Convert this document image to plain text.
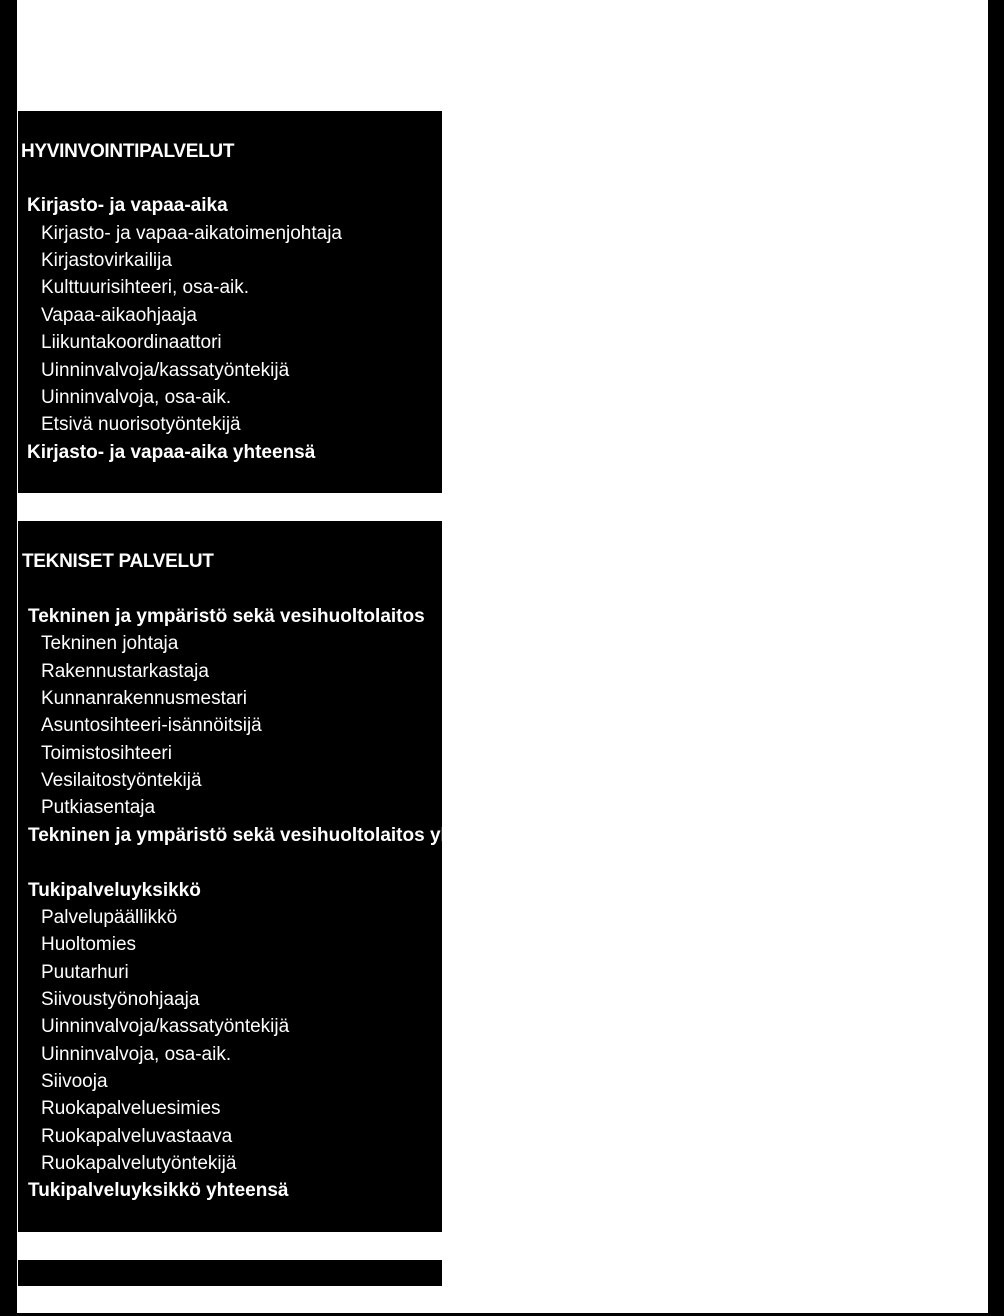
HYVINVOINTIPALVELUT
Kirjasto- ja vapaa-aika
Kirjasto- ja vapaa-aikatoimenjohtaja
Kirjastovirkailija
Kulttuurisihteeri, osa-aik.
Vapaa-aikaohjaaja
Liikuntakoordinaattori
Uinninvalvoja/kassatyöntekijä
Uinninvalvoja, osa-aik.
Etsivä nuorisotyöntekijä
Kirjasto- ja vapaa-aika yhteensä
TEKNISET PALVELUT
Tekninen ja ympäristö sekä vesihuoltolaitos
Tekninen johtaja
Rakennustarkastaja
Kunnanrakennusmestari
Asuntosihteeri-isännöitsijä
Toimistosihteeri
Vesilaitostyöntekijä
Putkiasentaja
Tekninen ja ympäristö sekä vesihuoltolaitos yhteensä
Tukipalveluyksikkö
Palvelupäällikkö
Huoltomies
Puutarhuri
Siivoustyönohjaaja
Uinninvalvoja/kassatyöntekijä
Uinninvalvoja, osa-aik.
Siivooja
Ruokapalveluesimies
Ruokapalveluvastaava
Ruokapalvelutyöntekijä
Tukipalveluyksikkö yhteensä
